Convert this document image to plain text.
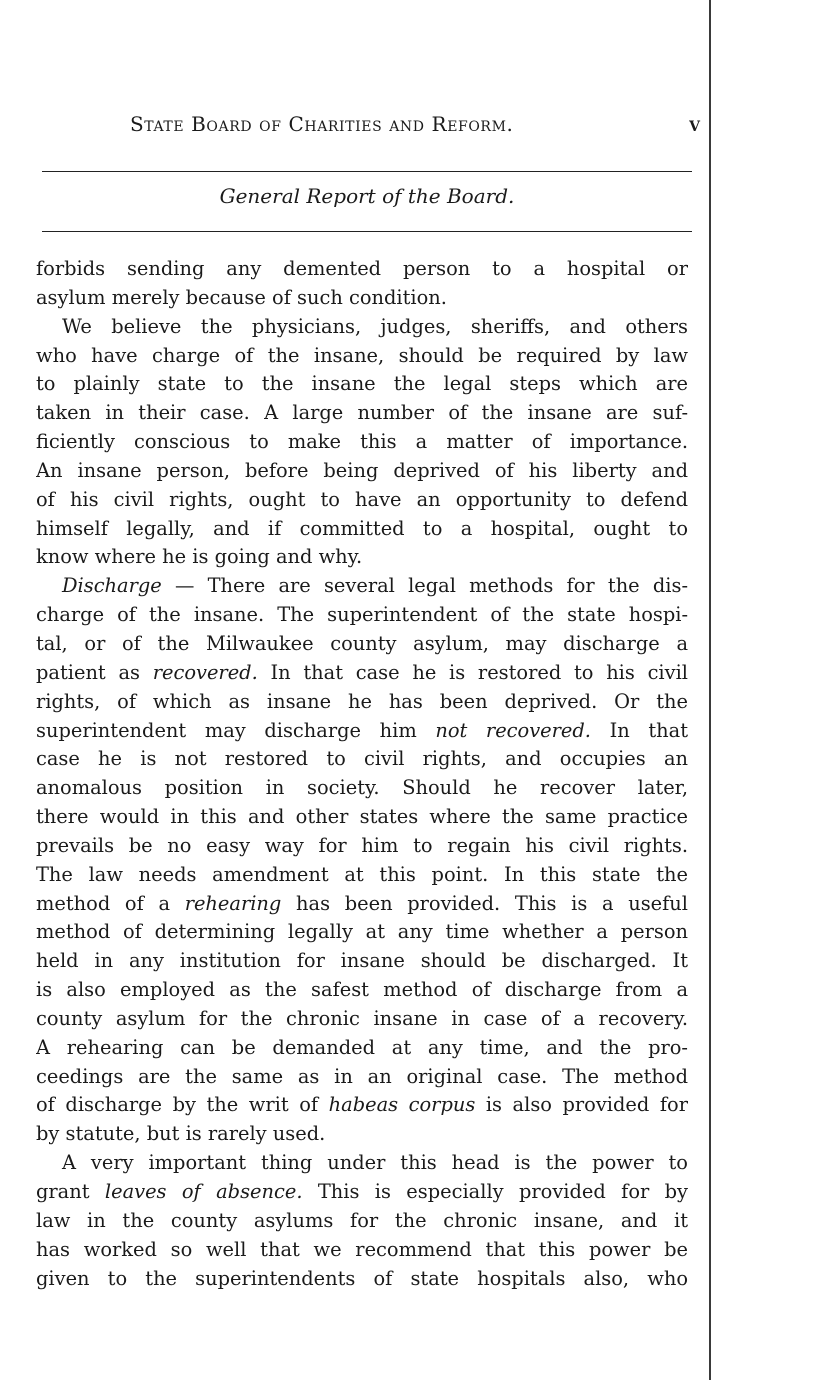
State Board of Charities and Reform.	v
General Report of the Board.
forbids sending any demented person to a hospital or
asylum merely because of such condition.
We believe the physicians, judges, sheriffs, and others
who have charge of the insane, should be required by law
to plainly state to the insane the legal steps which are
taken in their case. A large number of the insane are suf-
ficiently conscious to make this a matter of importance.
An insane person, before being deprived of his liberty and
of his civil rights, ought to have an opportunity to defend
himself legally, and if committed to a hospital, ought to
know where he is going and why.
Discharge — There are several legal methods for the dis-
charge of the insane. The superintendent of the state hospi-
tal, or of the Milwaukee county asylum, may discharge a
patient as recovered. In that case he is restored to his civil
rights, of which as insane he has been deprived. Or the
superintendent may discharge him not recovered. In that
case he is not restored to civil rights, and occupies an
anomalous position in society. Should he recover later,
there would in this and other states where the same practice
prevails be no easy way for him to regain his civil rights.
The law needs amendment at this point. In this state the
method of a rehearing has been provided. This is a useful
method of determining legally at any time whether a person
held in any institution for insane should be discharged. It
is also employed as the safest method of discharge from a
county asylum for the chronic insane in case of a recovery.
A rehearing can be demanded at any time, and the pro-
ceedings are the same as in an original case. The method
of discharge by the writ of habeas corpus is also provided for
by statute, but is rarely used.
A very important thing under this head is the power to
grant leaves of absence. This is especially provided for by
law in the county asylums for the chronic insane, and it
has worked so well that we recommend that this power be
given to the superintendents of state hospitals also, who
